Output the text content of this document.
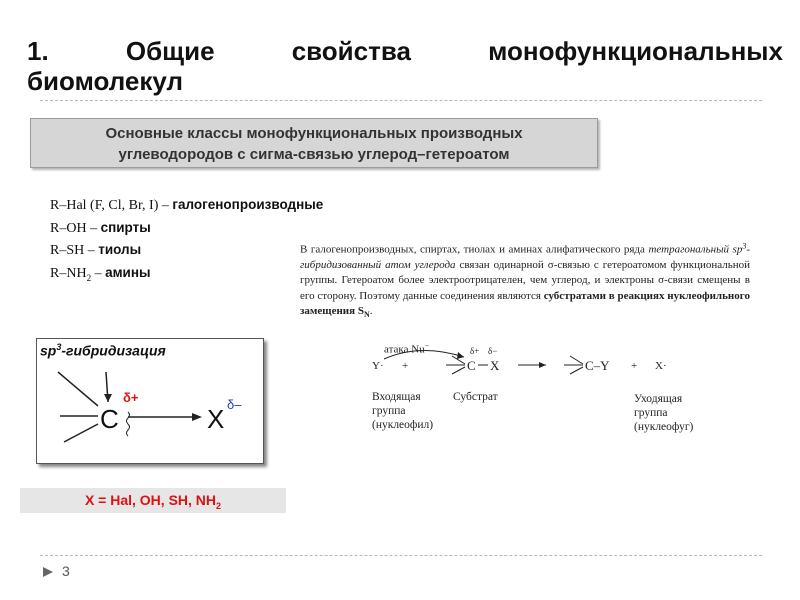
1.	Общие	свойства	монофункциональных
биомолекул
Основные классы монофункциональных производных
углеводородов с сигма-связью углерод–гетероатом
R–Hal (F, Cl, Br, I) – галогенопроизводные
R–OH – спирты
R–SH – тиолы
$R-NH_2$ – амины
В галогенопроизводных, спиртах, тиолах и аминах алифатического ряда тетрагональный $sp^3$-гибридизованный атом углерода связан одинарной σ-связью с гетероатомом функциональной группы. Гетероатом более электроотрицателен, чем углерод, и электроны σ-связи смещены в его сторону. Поэтому данные соединения являются субстратами в реакциях нуклеофильного замещения $S_N$.
атака Nu−
Y· +
δ+ δ−
C X	C–Y + X·
Входящая
группа
(нуклеофил)
Субстрат	Уходящая
группа
(нуклеофуг)
$sp^3$-гибридизация
C	X
δ+	δ–
X = Hal, OH, SH, $NH_2$
3
